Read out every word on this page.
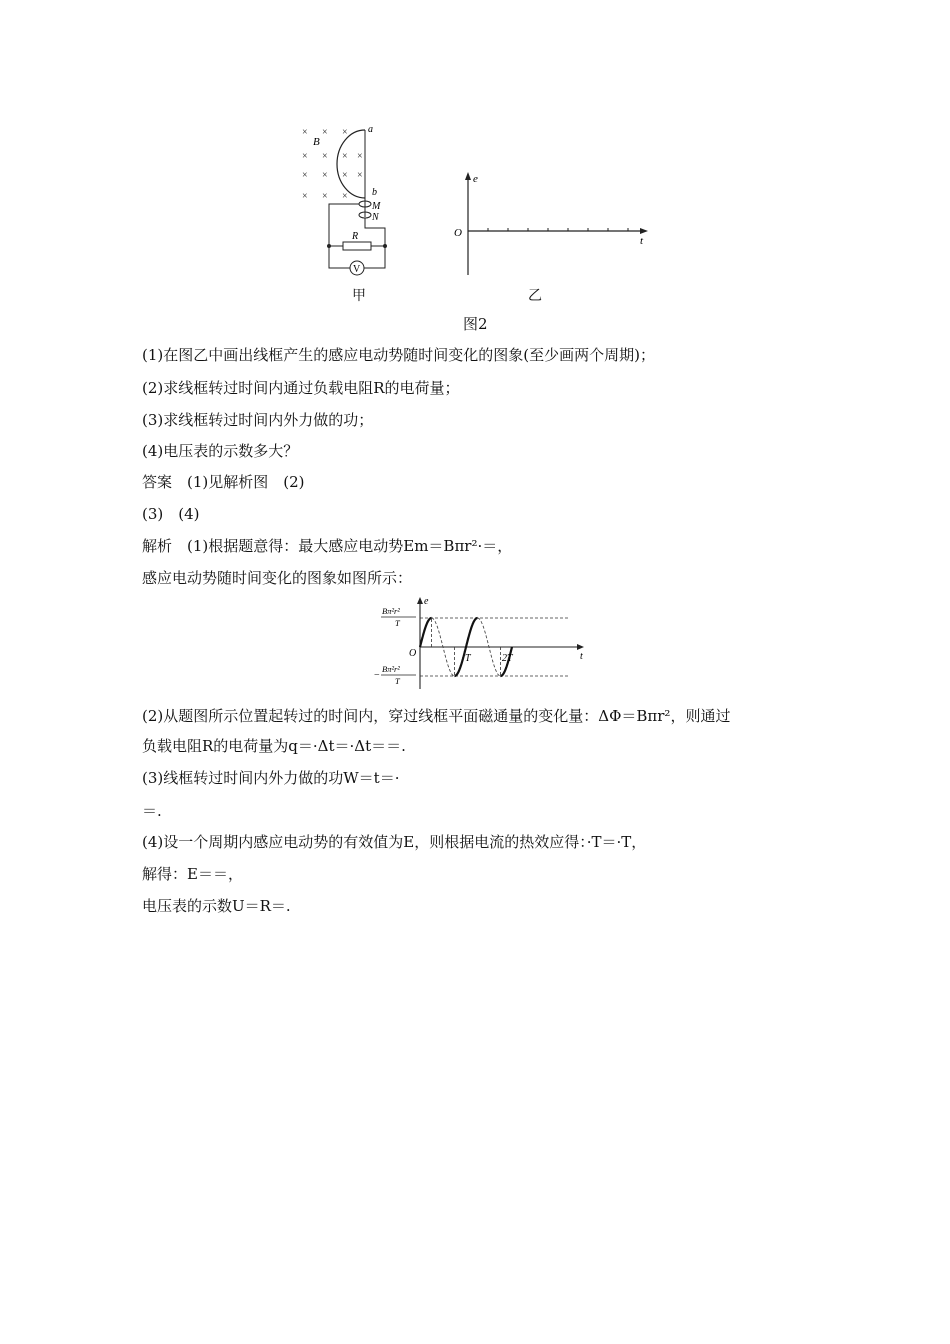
× × ×
× × × ×
× × × ×
× × ×
B
a
b
M
N
R
V
甲
e
O
t
乙
图2
(1)在图乙中画出线框产生的感应电动势随时间变化的图象(至少画两个周期)；
(2)求线框转过时间内通过负载电阻R的电荷量；
(3)求线框转过时间内外力做的功；
(4)电压表的示数多大？
答案　(1)见解析图　(2)
(3)　(4)
解析　(1)根据题意得：最大感应电动势Em＝Bπr²·＝，
感应电动势随时间变化的图象如图所示：
e
t
O	T	2T
Bπ²r²
T
Bπ²r²
T
−
(2)从题图所示位置起转过的时间内，穿过线框平面磁通量的变化量：ΔΦ＝Bπr²，则通过
负载电阻R的电荷量为q＝·Δt＝·Δt＝＝.
(3)线框转过时间内外力做的功W＝t＝·
＝.
(4)设一个周期内感应电动势的有效值为E，则根据电流的热效应得：·T＝·T，
解得：E＝＝，
电压表的示数U＝R＝.
